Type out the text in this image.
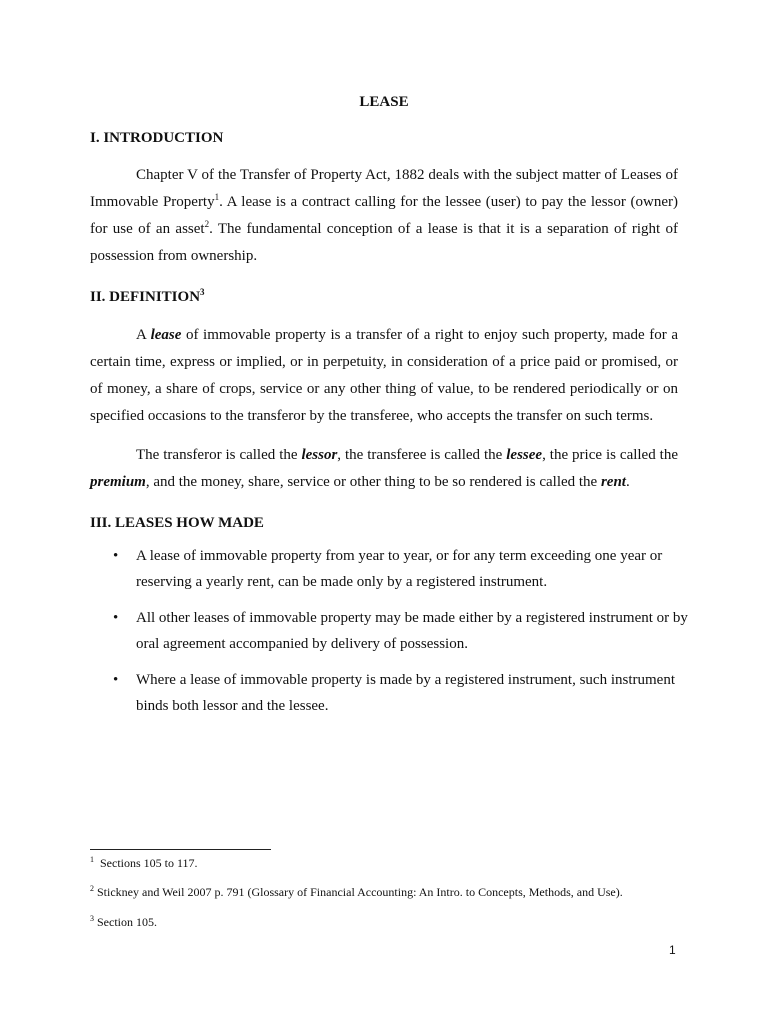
LEASE
I. INTRODUCTION

Chapter V of the Transfer of Property Act, 1882 deals with the subject matter of Leases of Immovable Property$^1$. A lease is a contract calling for the lessee (user) to pay the lessor (owner) for use of an asset$^2$. The fundamental conception of a lease is that it is a separation of right of possession from ownership.

II. DEFINITION$^3$

A lease of immovable property is a transfer of a right to enjoy such property, made for a certain time, express or implied, or in perpetuity, in consideration of a price paid or promised, or of money, a share of crops, service or any other thing of value, to be rendered periodically or on specified occasions to the transferor by the transferee, who accepts the transfer on such terms.

The transferor is called the lessor, the transferee is called the lessee, the price is called the premium, and the money, share, service or other thing to be so rendered is called the rent.

III. LEASES HOW MADE
• A lease of immovable property from year to year, or for any term exceeding one year or reserving a yearly rent, can be made only by a registered instrument.
• All other leases of immovable property may be made either by a registered instrument or by oral agreement accompanied by delivery of possession.
• Where a lease of immovable property is made by a registered instrument, such instrument binds both lessor and the lessee.

$^1$ Sections 105 to 117.

$^2$ Stickney and Weil 2007 p. 791 (Glossary of Financial Accounting: An Intro. to Concepts, Methods, and Use).

$^3$ Section 105.

1
